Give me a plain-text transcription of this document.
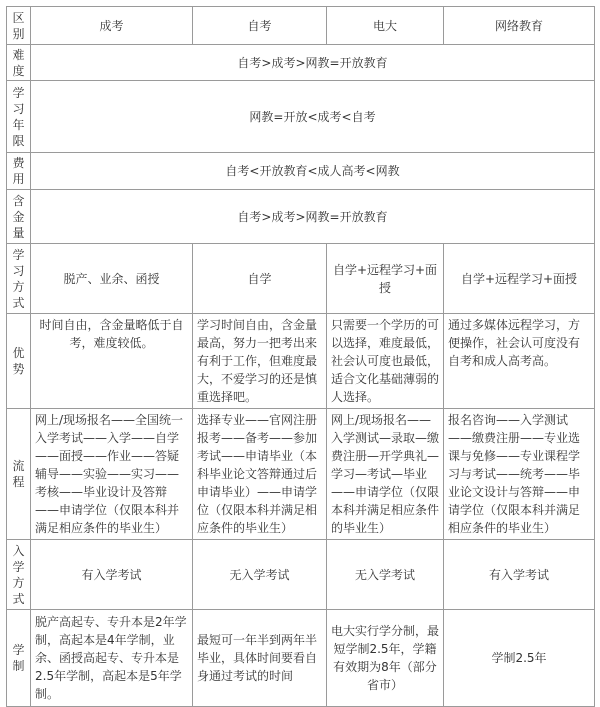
区别	成考	自考	电大	网络教育
难度	自考>成考>网教=开放教育			
学习年限	网教=开放<成考<自考			
费用	自考<开放教育<成人高考<网教			
含金量	自考>成考>网教=开放教育			
学习方式	脱产、业余、函授	自学	自学+远程学习+面授	自学+远程学习+面授
优势	时间自由，含金量略低于自考，难度较低。	学习时间自由，含金量最高，努力一把考出来有利于工作，但难度最大，不爱学习的还是慎重选择吧。	只需要一个学历的可以选择，难度最低，社会认可度也最低，适合文化基础薄弱的人选择。	通过多媒体远程学习，方便操作，社会认可度没有自考和成人高考高。
流程	网上/现场报名——全国统一入学考试——入学——自学——面授——作业——答疑辅导——实验——实习——考核——毕业设计及答辩——申请学位（仅限本科并满足相应条件的毕业生）	选择专业——官网注册报考——备考——参加考试——申请毕业（本科毕业论文答辩通过后申请毕业）——申请学位（仅限本科并满足相应条件的毕业生）	网上/现场报名——入学测试—录取—缴费注册—开学典礼—学习—考试—毕业——申请学位（仅限本科并满足相应条件的毕业生）	报名咨询——入学测试——缴费注册——专业选课与免修——专业课程学习与考试——统考——毕业论文设计与答辩——申请学位（仅限本科并满足相应条件的毕业生）
入学方式	有入学考试	无入学考试	无入学考试	有入学考试
学制	脱产高起专、专升本是2年学制，高起本是4年学制，业余、函授高起专、专升本是2.5年学制，高起本是5年学制。	最短可一年半到两年半毕业，具体时间要看自身通过考试的时间	电大实行学分制，最短学制2.5年，学籍有效期为8年（部分省市）	学制2.5年
